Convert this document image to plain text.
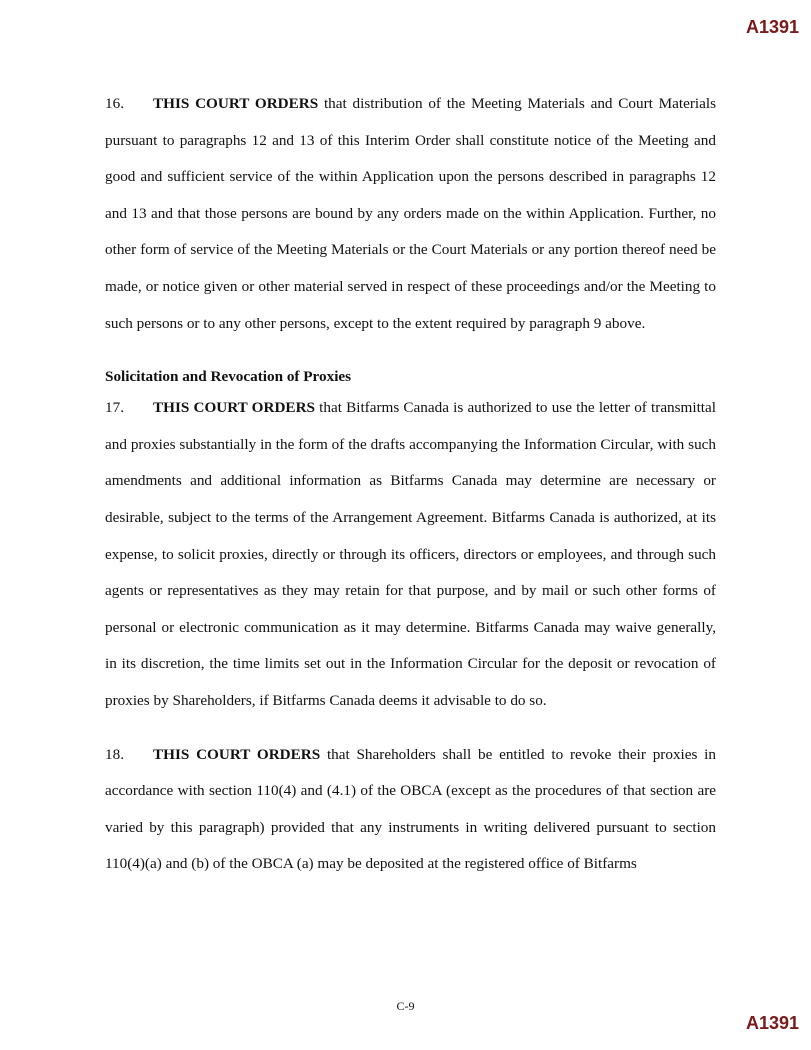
A1391

16. THIS COURT ORDERS that distribution of the Meeting Materials and Court Materials pursuant to paragraphs 12 and 13 of this Interim Order shall constitute notice of the Meeting and good and sufficient service of the within Application upon the persons described in paragraphs 12 and 13 and that those persons are bound by any orders made on the within Application. Further, no other form of service of the Meeting Materials or the Court Materials or any portion thereof need be made, or notice given or other material served in respect of these proceedings and/or the Meeting to such persons or to any other persons, except to the extent required by paragraph 9 above.

Solicitation and Revocation of Proxies

17. THIS COURT ORDERS that Bitfarms Canada is authorized to use the letter of transmittal and proxies substantially in the form of the drafts accompanying the Information Circular, with such amendments and additional information as Bitfarms Canada may determine are necessary or desirable, subject to the terms of the Arrangement Agreement. Bitfarms Canada is authorized, at its expense, to solicit proxies, directly or through its officers, directors or employees, and through such agents or representatives as they may retain for that purpose, and by mail or such other forms of personal or electronic communication as it may determine. Bitfarms Canada may waive generally, in its discretion, the time limits set out in the Information Circular for the deposit or revocation of proxies by Shareholders, if Bitfarms Canada deems it advisable to do so.

18. THIS COURT ORDERS that Shareholders shall be entitled to revoke their proxies in accordance with section 110(4) and (4.1) of the OBCA (except as the procedures of that section are varied by this paragraph) provided that any instruments in writing delivered pursuant to section 110(4)(a) and (b) of the OBCA (a) may be deposited at the registered office of Bitfarms

C-9
A1391
